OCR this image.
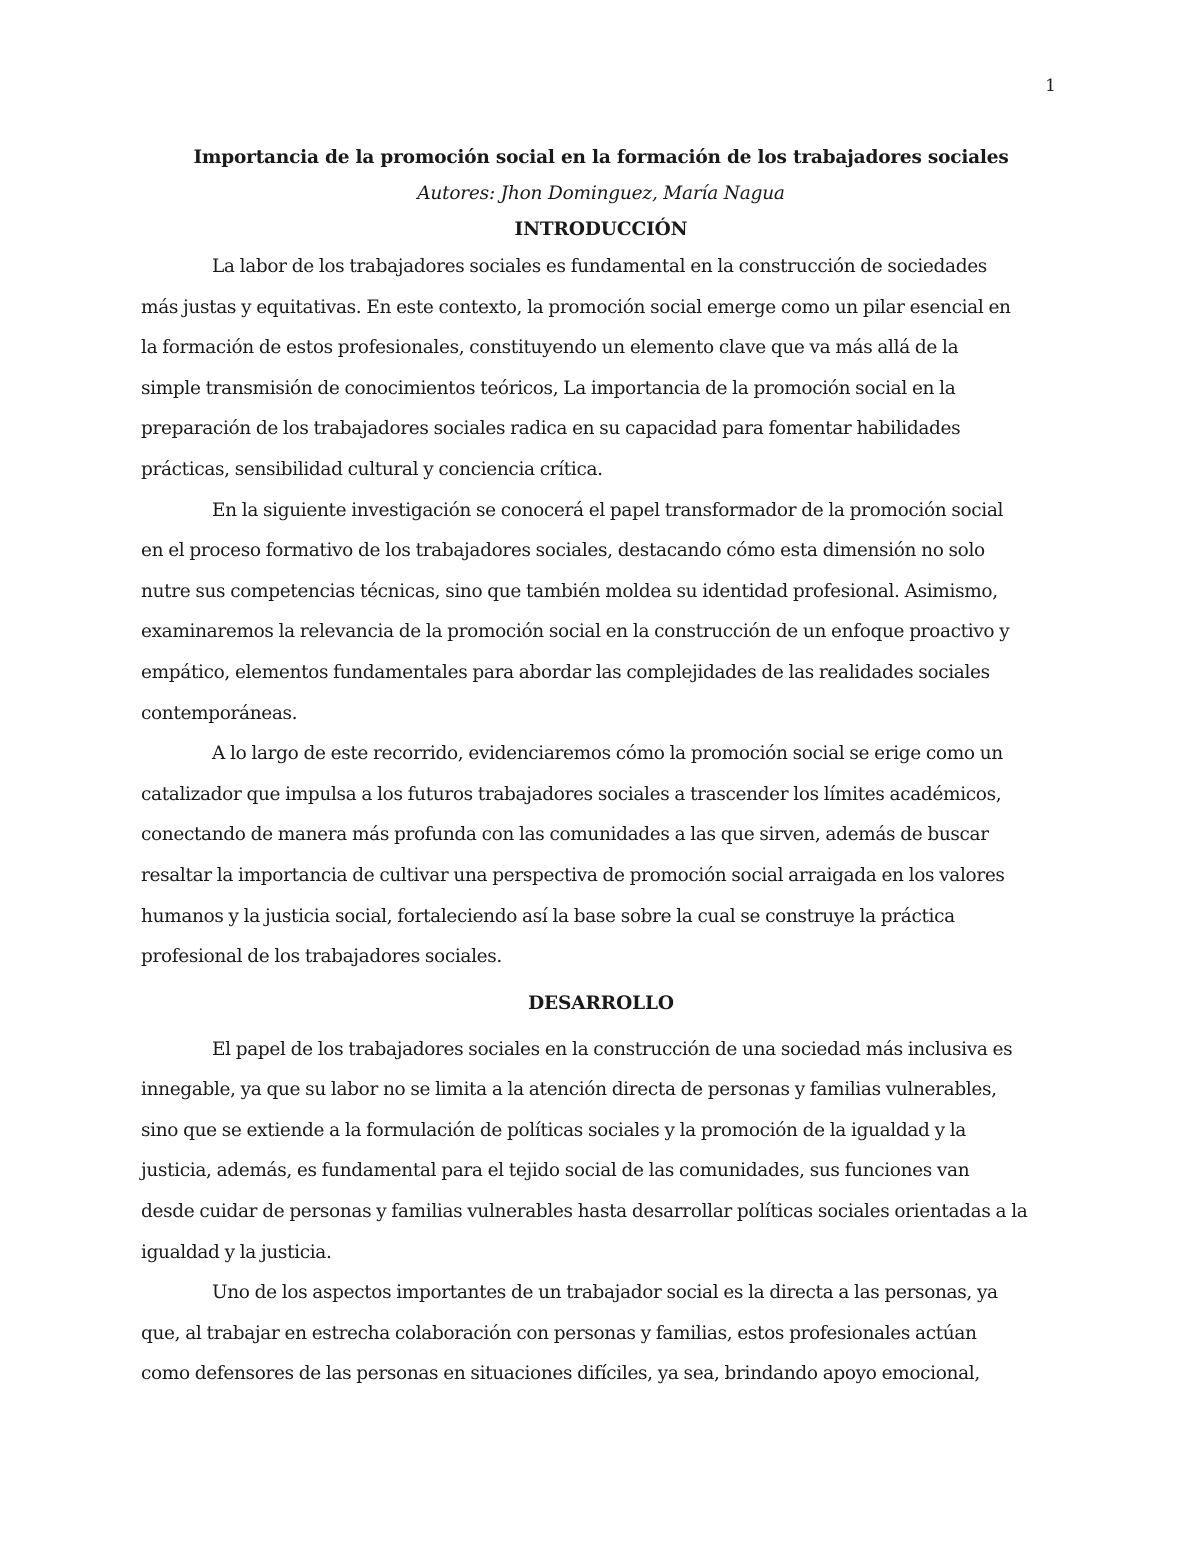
1
Importancia de la promoción social en la formación de los trabajadores sociales

Autores: Jhon Dominguez, María Nagua

INTRODUCCIÓN

La labor de los trabajadores sociales es fundamental en la construcción de sociedades
más justas y equitativas. En este contexto, la promoción social emerge como un pilar esencial en
la formación de estos profesionales, constituyendo un elemento clave que va más allá de la
simple transmisión de conocimientos teóricos, La importancia de la promoción social en la
preparación de los trabajadores sociales radica en su capacidad para fomentar habilidades
prácticas, sensibilidad cultural y conciencia crítica.

En la siguiente investigación se conocerá el papel transformador de la promoción social
en el proceso formativo de los trabajadores sociales, destacando cómo esta dimensión no solo
nutre sus competencias técnicas, sino que también moldea su identidad profesional. Asimismo,
examinaremos la relevancia de la promoción social en la construcción de un enfoque proactivo y
empático, elementos fundamentales para abordar las complejidades de las realidades sociales
contemporáneas.

A lo largo de este recorrido, evidenciaremos cómo la promoción social se erige como un
catalizador que impulsa a los futuros trabajadores sociales a trascender los límites académicos,
conectando de manera más profunda con las comunidades a las que sirven, además de buscar
resaltar la importancia de cultivar una perspectiva de promoción social arraigada en los valores
humanos y la justicia social, fortaleciendo así la base sobre la cual se construye la práctica
profesional de los trabajadores sociales.

DESARROLLO

El papel de los trabajadores sociales en la construcción de una sociedad más inclusiva es
innegable, ya que su labor no se limita a la atención directa de personas y familias vulnerables,
sino que se extiende a la formulación de políticas sociales y la promoción de la igualdad y la
justicia, además, es fundamental para el tejido social de las comunidades, sus funciones van
desde cuidar de personas y familias vulnerables hasta desarrollar políticas sociales orientadas a la
igualdad y la justicia.

Uno de los aspectos importantes de un trabajador social es la directa a las personas, ya
que, al trabajar en estrecha colaboración con personas y familias, estos profesionales actúan
como defensores de las personas en situaciones difíciles, ya sea, brindando apoyo emocional,
